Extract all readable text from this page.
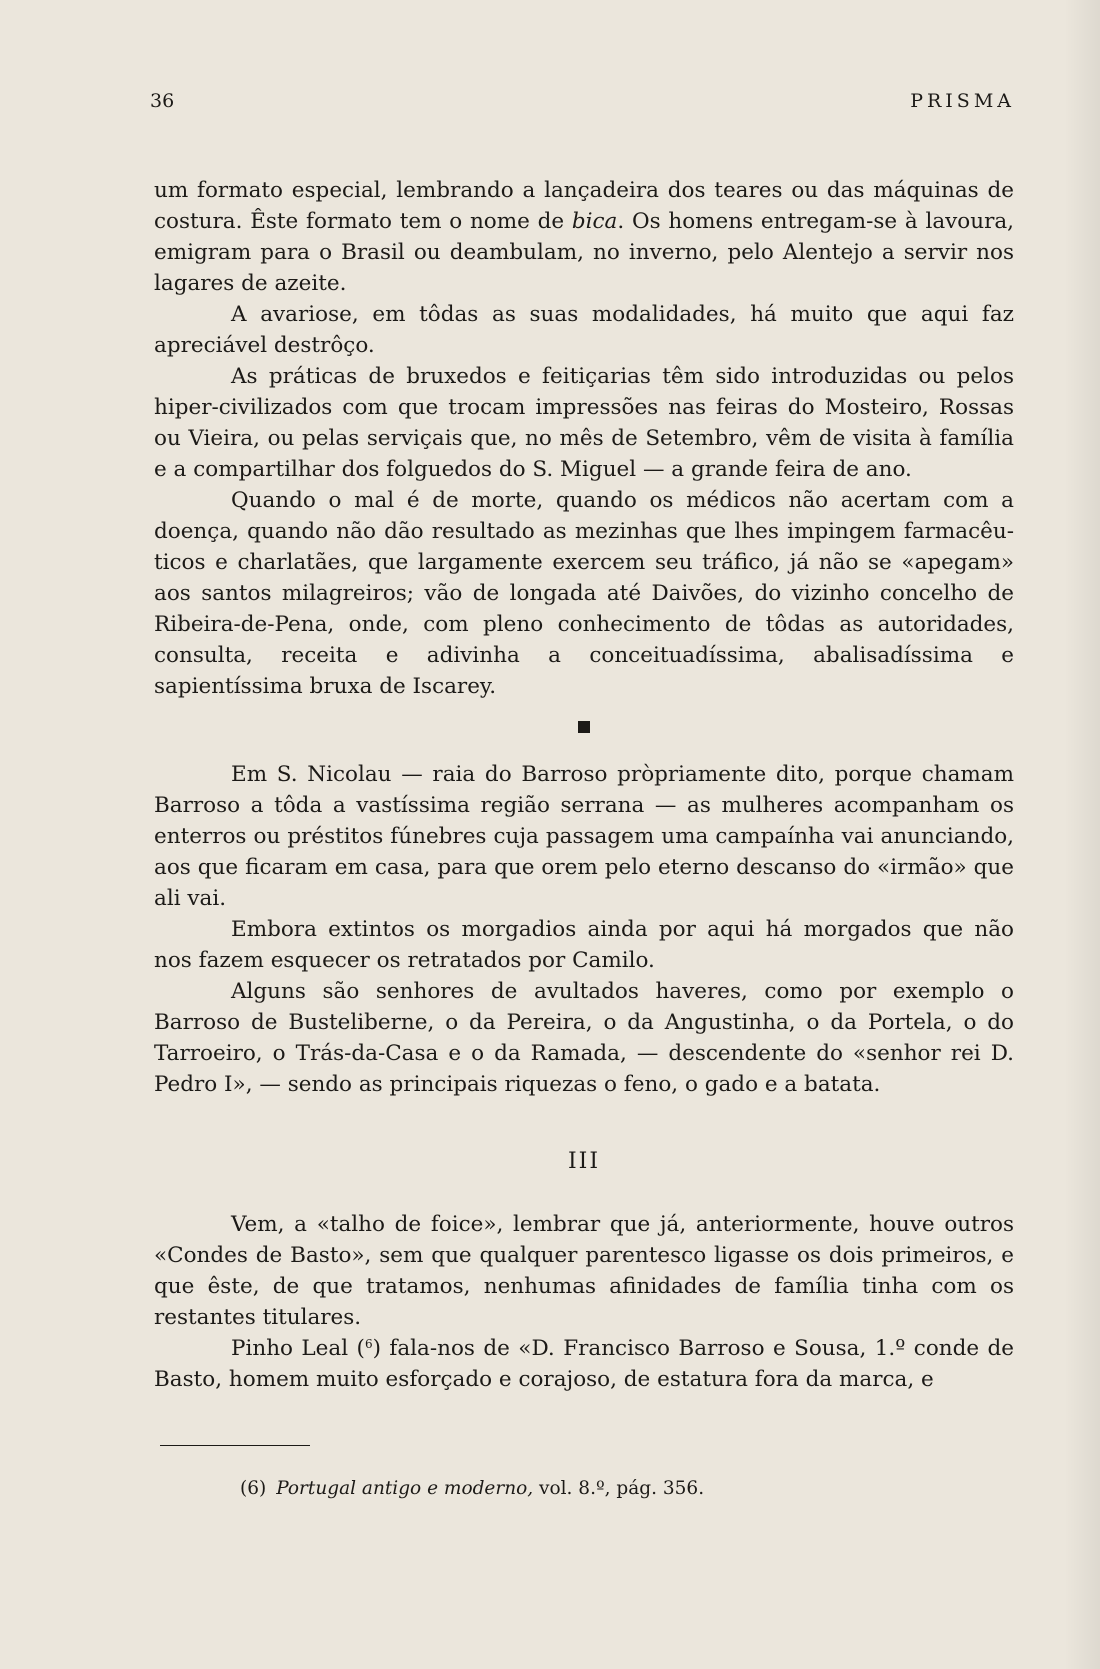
36	PRISMA

um formato especial, lembrando a lançadeira dos teares ou das máquinas de costura. Êste formato tem o nome de bica. Os homens entregam-se à lavoura, emigram para o Brasil ou deambulam, no inverno, pelo Alentejo a servir nos lagares de azeite.

A avariose, em tôdas as suas modalidades, há muito que aqui faz apreciável destrôço.

As práticas de bruxedos e feitiçarias têm sido introduzidas ou pelos hiper-civilizados com que trocam impressões nas feiras do Mosteiro, Rossas ou Vieira, ou pelas serviçais que, no mês de Setembro, vêm de visita à família e a compartilhar dos folguedos do S. Miguel — a grande feira de ano.

Quando o mal é de morte, quando os médicos não acertam com a doença, quando não dão resultado as mezinhas que lhes impingem farmacêuticos e charlatães, que largamente exercem seu tráfico, já não se «apegam» aos santos milagreiros; vão de longada até Daivões, do vizinho concelho de Ribeira-de-Pena, onde, com pleno conhecimento de tôdas as autoridades, consulta, receita e adivinha a conceituadíssima, abalisadíssima e sapientíssima bruxa de Iscarey.

Em S. Nicolau — raia do Barroso pròpriamente dito, porque chamam Barroso a tôda a vastíssima região serrana — as mulheres acompanham os enterros ou préstitos fúnebres cuja passagem uma campaínha vai anunciando, aos que ficaram em casa, para que orem pelo eterno descanso do «irmão» que ali vai.

Embora extintos os morgadios ainda por aqui há morgados que não nos fazem esquecer os retratados por Camilo.

Alguns são senhores de avultados haveres, como por exemplo o Barroso de Busteliberne, o da Pereira, o da Angustinha, o da Portela, o do Tarroeiro, o Trás-da-Casa e o da Ramada, — descendente do «senhor rei D. Pedro I», — sendo as principais riquezas o feno, o gado e a batata.

III

Vem, a «talho de foice», lembrar que já, anteriormente, houve outros «Condes de Basto», sem que qualquer parentesco ligasse os dois primeiros, e que êste, de que tratamos, nenhumas afinidades de família tinha com os restantes titulares.

Pinho Leal ($^6$) fala-nos de «D. Francisco Barroso e Sousa, 1.º conde de Basto, homem muito esforçado e corajoso, de estatura fora da marca, e

(6) Portugal antigo e moderno, vol. 8.º, pág. 356.
